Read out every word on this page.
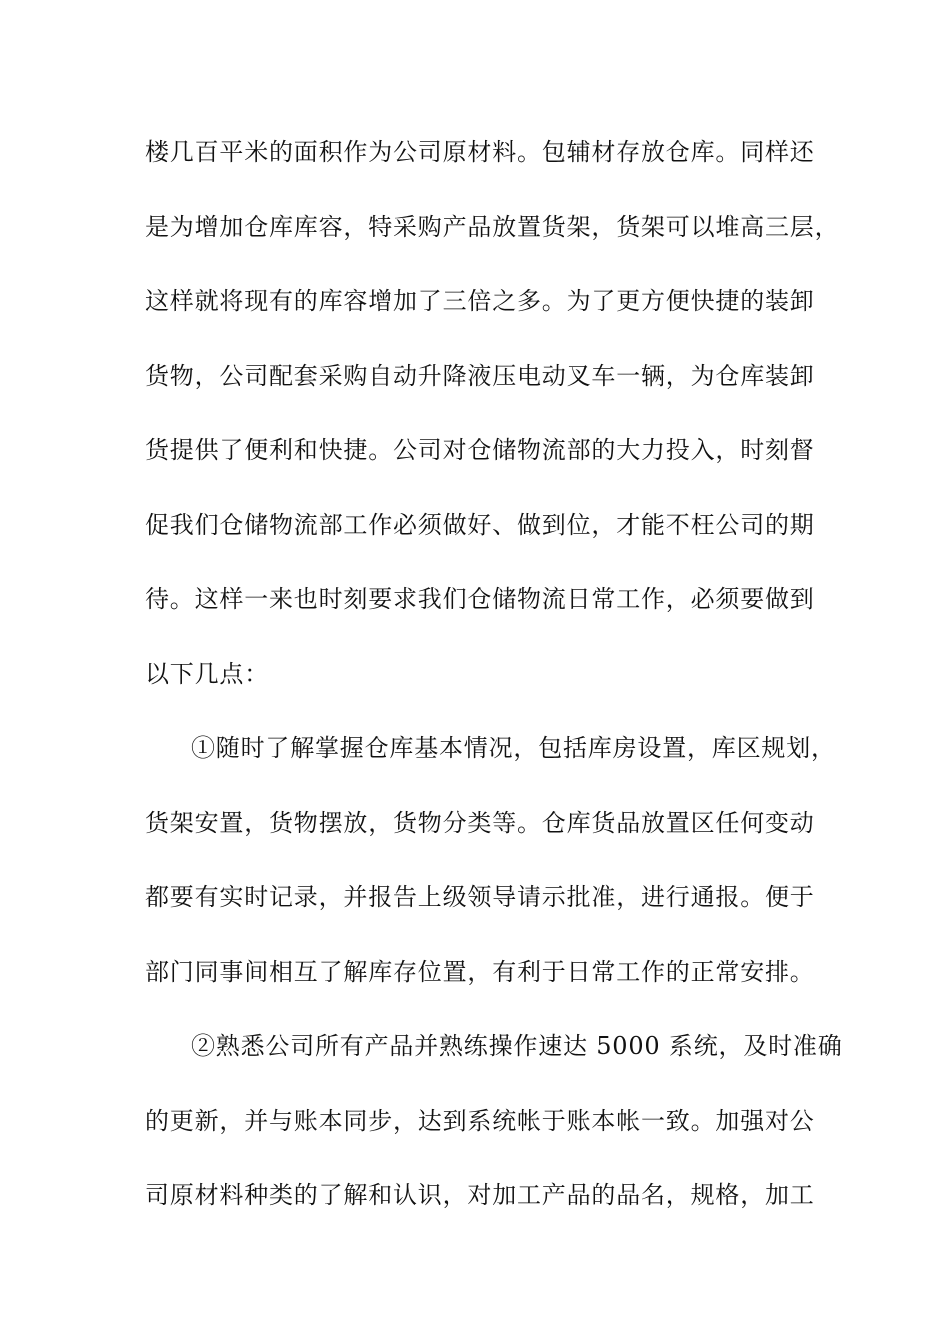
楼几百平米的面积作为公司原材料。包辅材存放仓库。同样还
是为增加仓库库容，特采购产品放置货架，货架可以堆高三层，
这样就将现有的库容增加了三倍之多。为了更方便快捷的装卸
货物，公司配套采购自动升降液压电动叉车一辆，为仓库装卸
货提供了便利和快捷。公司对仓储物流部的大力投入，时刻督
促我们仓储物流部工作必须做好、做到位，才能不枉公司的期
待。这样一来也时刻要求我们仓储物流日常工作，必须要做到
以下几点：
①随时了解掌握仓库基本情况，包括库房设置，库区规划，
货架安置，货物摆放，货物分类等。仓库货品放置区任何变动
都要有实时记录，并报告上级领导请示批准，进行通报。便于
部门同事间相互了解库存位置，有利于日常工作的正常安排。
②熟悉公司所有产品并熟练操作速达 5000 系统，及时准确
的更新，并与账本同步，达到系统帐于账本帐一致。加强对公
司原材料种类的了解和认识，对加工产品的品名，规格，加工
